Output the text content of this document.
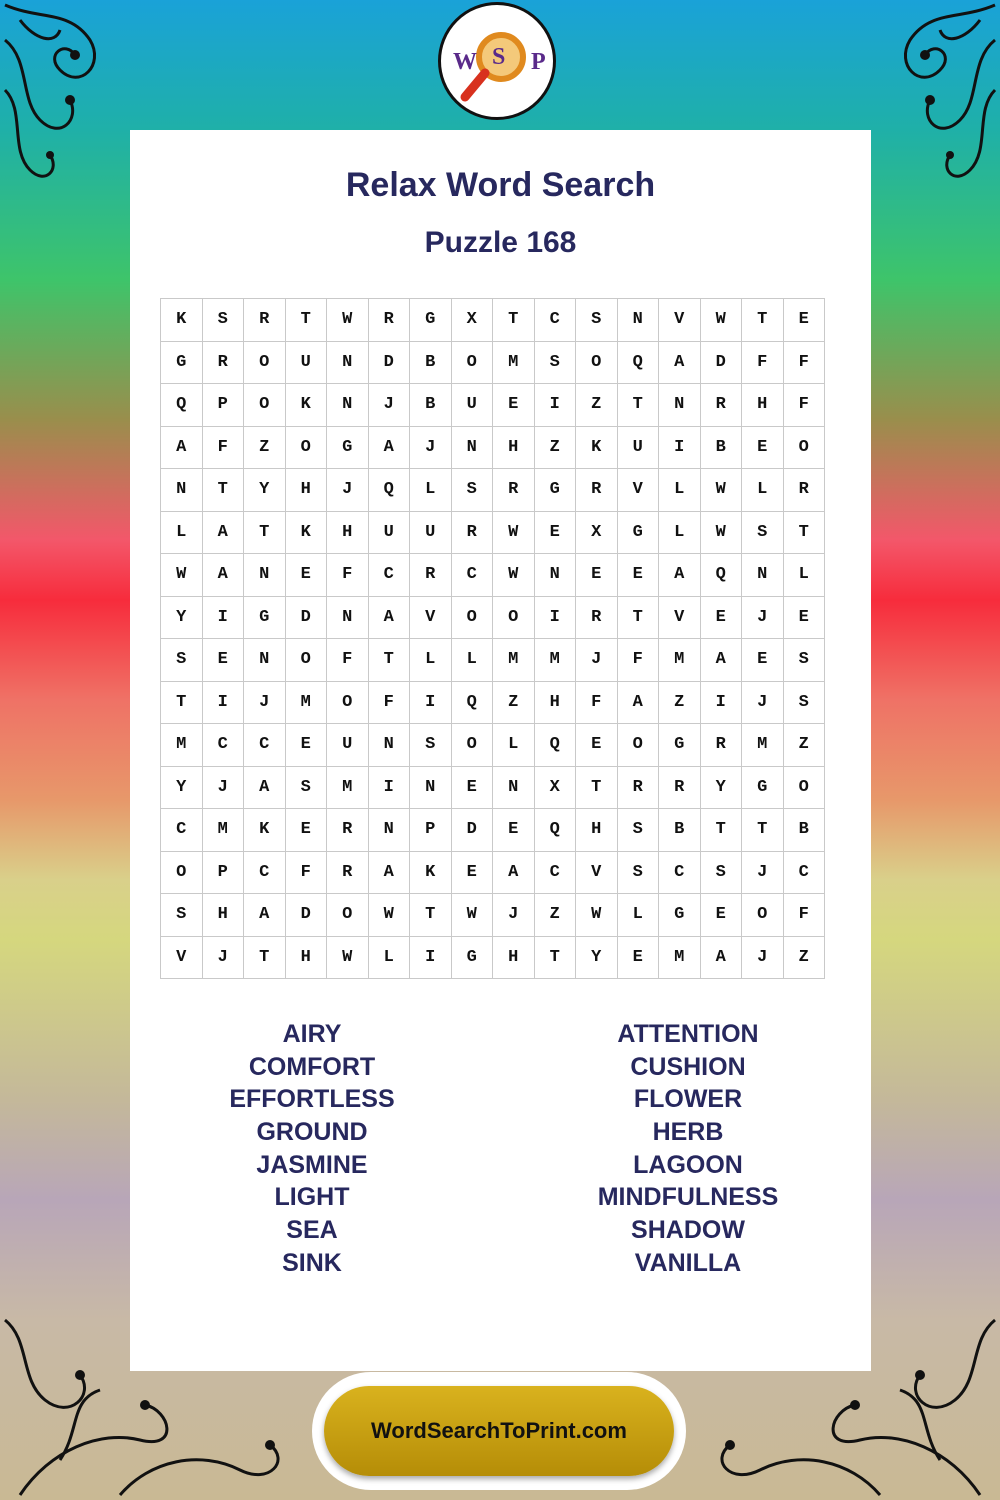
Relax Word Search
Puzzle 168
K	S	R	T	W	R	G	X	T	C	S	N	V	W	T	E
G	R	O	U	N	D	B	O	M	S	O	Q	A	D	F	F
Q	P	O	K	N	J	B	U	E	I	Z	T	N	R	H	F
A	F	Z	O	G	A	J	N	H	Z	K	U	I	B	E	O
N	T	Y	H	J	Q	L	S	R	G	R	V	L	W	L	R
L	A	T	K	H	U	U	R	W	E	X	G	L	W	S	T
W	A	N	E	F	C	R	C	W	N	E	E	A	Q	N	L
Y	I	G	D	N	A	V	O	O	I	R	T	V	E	J	E
S	E	N	O	F	T	L	L	M	M	J	F	M	A	E	S
T	I	J	M	O	F	I	Q	Z	H	F	A	Z	I	J	S
M	C	C	E	U	N	S	O	L	Q	E	O	G	R	M	Z
Y	J	A	S	M	I	N	E	N	X	T	R	R	Y	G	O
C	M	K	E	R	N	P	D	E	Q	H	S	B	T	T	B
O	P	C	F	R	A	K	E	A	C	V	S	C	S	J	C
S	H	A	D	O	W	T	W	J	Z	W	L	G	E	O	F
V	J	T	H	W	L	I	G	H	T	Y	E	M	A	J	Z
AIRY
COMFORT
EFFORTLESS
GROUND
JASMINE
LIGHT
SEA
SINK
ATTENTION
CUSHION
FLOWER
HERB
LAGOON
MINDFULNESS
SHADOW
VANILLA
W S P
WordSearchToPrint.com
